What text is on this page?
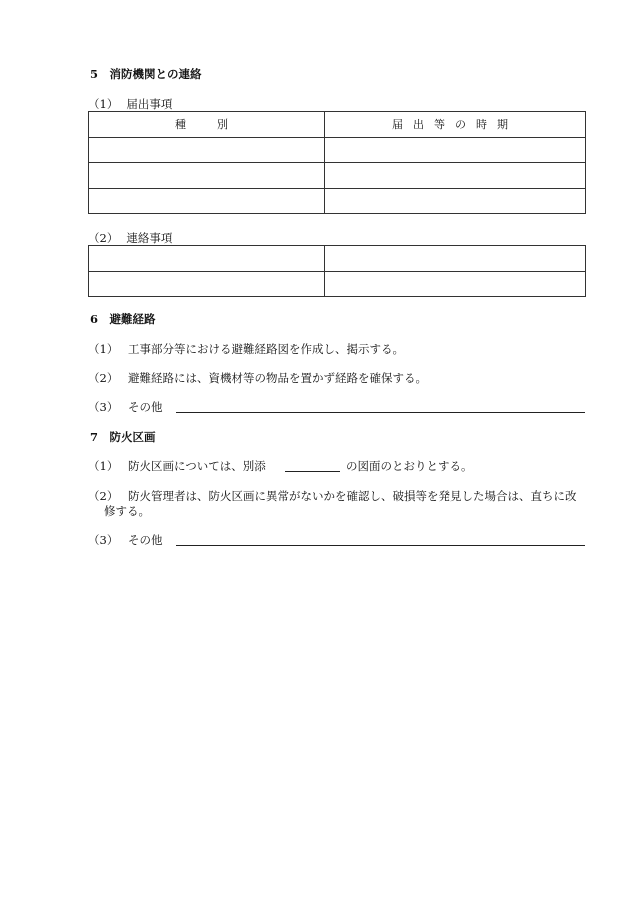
5　消防機関との連絡
（1） 届出事項
種　別	届出等の時期

（2） 連絡事項

6　避難経路
（1） 工事部分等における避難経路図を作成し、掲示する。
（2） 避難経路には、資機材等の物品を置かず経路を確保する。
（3） その他
7　防火区画
（1） 防火区画については、別添	の図面のとおりとする。
（2） 防火管理者は、防火区画に異常がないかを確認し、破損等を発見した場合は、直ちに改
修する。
（3） その他
